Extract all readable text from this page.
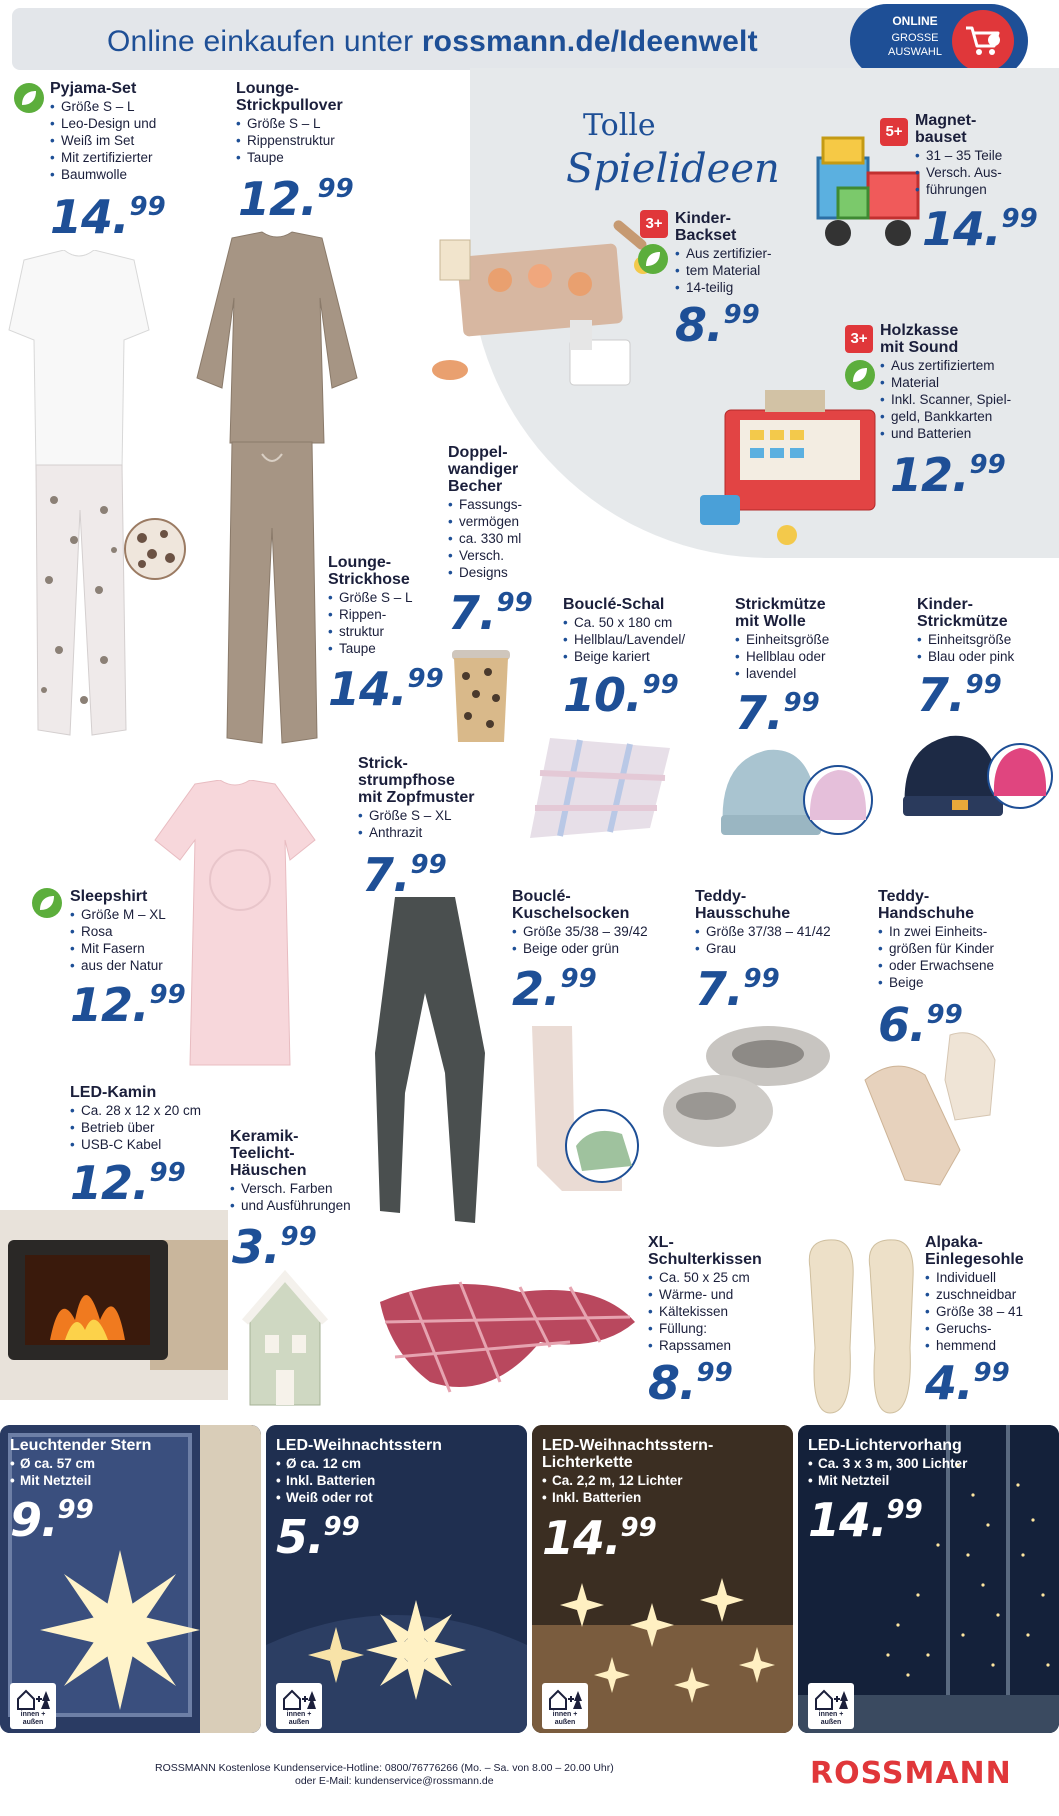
Online einkaufen unter rossmann.de/Ideenwelt
ONLINE
GROSSE
AUSWAHL
Tolle
Spielideen
Pyjama-Set
• Größe S – L
• Leo-Design und
• Weiß im Set
• Mit zertifizierter
• Baumwolle
14.99
Lounge-
Strickpullover
• Größe S – L
• Rippenstruktur
• Taupe
12.99
3+ Kinder-
Backset
• Aus zertifizier-
• tem Material
• 14-teilig
8.99
5+
Magnet-
bauset
• 31 – 35 Teile
• Versch. Aus-
• führungen
14.99
3+ Holzkasse
mit Sound
• Aus zertifiziertem
• Material
• Inkl. Scanner, Spiel-
• geld, Bankkarten
• und Batterien
12.99
Doppel-
wandiger
Becher
• Fassungs-
• vermögen
• ca. 330 ml
• Versch.
• Designs
7.99
Lounge-
Strickhose
• Größe S – L
• Rippen-
• struktur
• Taupe
14.99
Bouclé-Schal
• Ca. 50 x 180 cm
• Hellblau/Lavendel/
• Beige kariert
10.99
Strickmütze
mit Wolle
• Einheitsgröße
• Hellblau oder
• lavendel
7.99
Kinder-
Strickmütze
• Einheitsgröße
• Blau oder pink
7.99
Strick-
strumpfhose
mit Zopfmuster
• Größe S – XL
• Anthrazit
7.99
Sleepshirt
• Größe M – XL
• Rosa
• Mit Fasern
• aus der Natur
12.99
Bouclé-
Kuschelsocken
• Größe 35/38 – 39/42
• Beige oder grün
2.99
Teddy-
Hausschuhe
• Größe 37/38 – 41/42
• Grau
7.99
Teddy-
Handschuhe
• In zwei Einheits-
• größen für Kinder
• oder Erwachsene
• Beige
6.99
LED-Kamin
• Ca. 28 x 12 x 20 cm
• Betrieb über
• USB-C Kabel
12.99
Keramik-
Teelicht-
Häuschen
• Versch. Farben
• und Ausführungen
3.99	XL-
Schulterkissen
• Ca. 50 x 25 cm
• Wärme- und
• Kältekissen
• Füllung:
• Rapssamen
8.99
Alpaka-
Einlegesohle
• Individuell
• zuschneidbar
• Größe 38 – 41
• Geruchs-
• hemmend
4.99
Leuchtender Stern
• Ø ca. 57 cm
• Mit Netzteil
9.99
innen +
außen
LED-Weihnachtsstern
• Ø ca. 12 cm
• Inkl. Batterien
• Weiß oder rot
5.99
innen +
außen
LED-Weihnachtsstern-
Lichterkette
• Ca. 2,2 m, 12 Lichter
• Inkl. Batterien
14.99
innen +
außen
LED-Lichtervorhang
• Ca. 3 x 3 m, 300 Lichter
• Mit Netzteil
14.99
innen +
außen
ROSSMANN Kostenlose Kundenservice-Hotline: 0800/76776266 (Mo. – Sa. von 8.00 – 20.00 Uhr)
oder E-Mail: kundenservice@rossmann.de	ROSSMANN
